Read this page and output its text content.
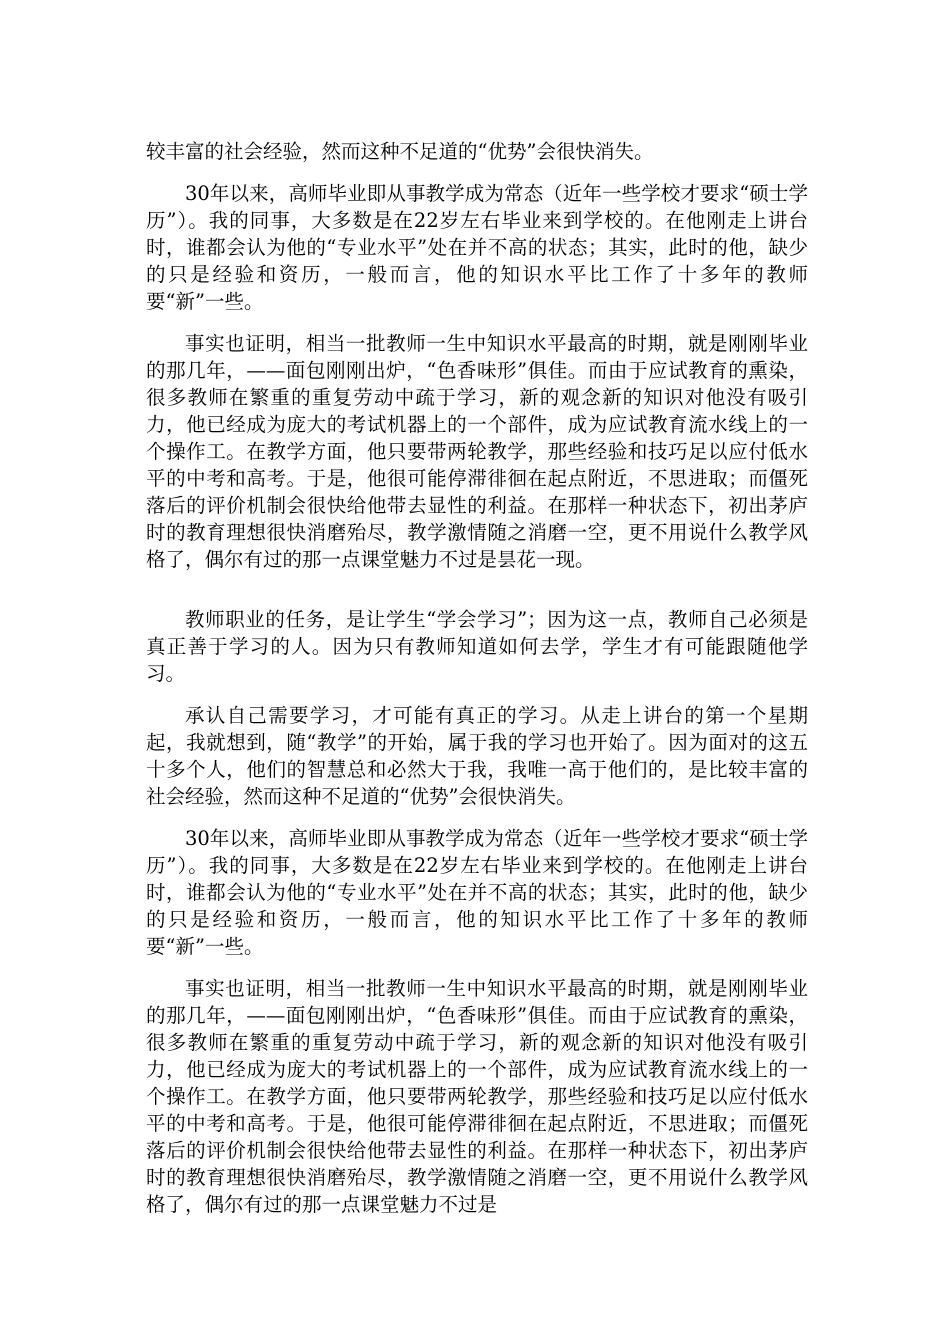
较丰富的社会经验，然而这种不足道的“优势”会很快消失。

30年以来，高师毕业即从事教学成为常态（近年一些学校才要求“硕士学历”）。我的同事，大多数是在22岁左右毕业来到学校的。在他刚走上讲台时，谁都会认为他的“专业水平”处在并不高的状态；其实，此时的他，缺少的只是经验和资历，一般而言，他的知识水平比工作了十多年的教师要“新”一些。

事实也证明，相当一批教师一生中知识水平最高的时期，就是刚刚毕业的那几年，——面包刚刚出炉，“色香味形”俱佳。而由于应试教育的熏染，很多教师在繁重的重复劳动中疏于学习，新的观念新的知识对他没有吸引力，他已经成为庞大的考试机器上的一个部件，成为应试教育流水线上的一个操作工。在教学方面，他只要带两轮教学，那些经验和技巧足以应付低水平的中考和高考。于是，他很可能停滞徘徊在起点附近，不思进取；而僵死落后的评价机制会很快给他带去显性的利益。在那样一种状态下，初出茅庐时的教育理想很快消磨殆尽，教学激情随之消磨一空，更不用说什么教学风格了，偶尔有过的那一点课堂魅力不过是昙花一现。

教师职业的任务，是让学生“学会学习”；因为这一点，教师自己必须是真正善于学习的人。因为只有教师知道如何去学，学生才有可能跟随他学习。

承认自己需要学习，才可能有真正的学习。从走上讲台的第一个星期起，我就想到，随“教学”的开始，属于我的学习也开始了。因为面对的这五十多个人，他们的智慧总和必然大于我，我唯一高于他们的，是比较丰富的社会经验，然而这种不足道的“优势”会很快消失。

30年以来，高师毕业即从事教学成为常态（近年一些学校才要求“硕士学历”）。我的同事，大多数是在22岁左右毕业来到学校的。在他刚走上讲台时，谁都会认为他的“专业水平”处在并不高的状态；其实，此时的他，缺少的只是经验和资历，一般而言，他的知识水平比工作了十多年的教师要“新”一些。

事实也证明，相当一批教师一生中知识水平最高的时期，就是刚刚毕业的那几年，——面包刚刚出炉，“色香味形”俱佳。而由于应试教育的熏染，很多教师在繁重的重复劳动中疏于学习，新的观念新的知识对他没有吸引力，他已经成为庞大的考试机器上的一个部件，成为应试教育流水线上的一个操作工。在教学方面，他只要带两轮教学，那些经验和技巧足以应付低水平的中考和高考。于是，他很可能停滞徘徊在起点附近，不思进取；而僵死落后的评价机制会很快给他带去显性的利益。在那样一种状态下，初出茅庐时的教育理想很快消磨殆尽，教学激情随之消磨一空，更不用说什么教学风格了，偶尔有过的那一点课堂魅力不过是
